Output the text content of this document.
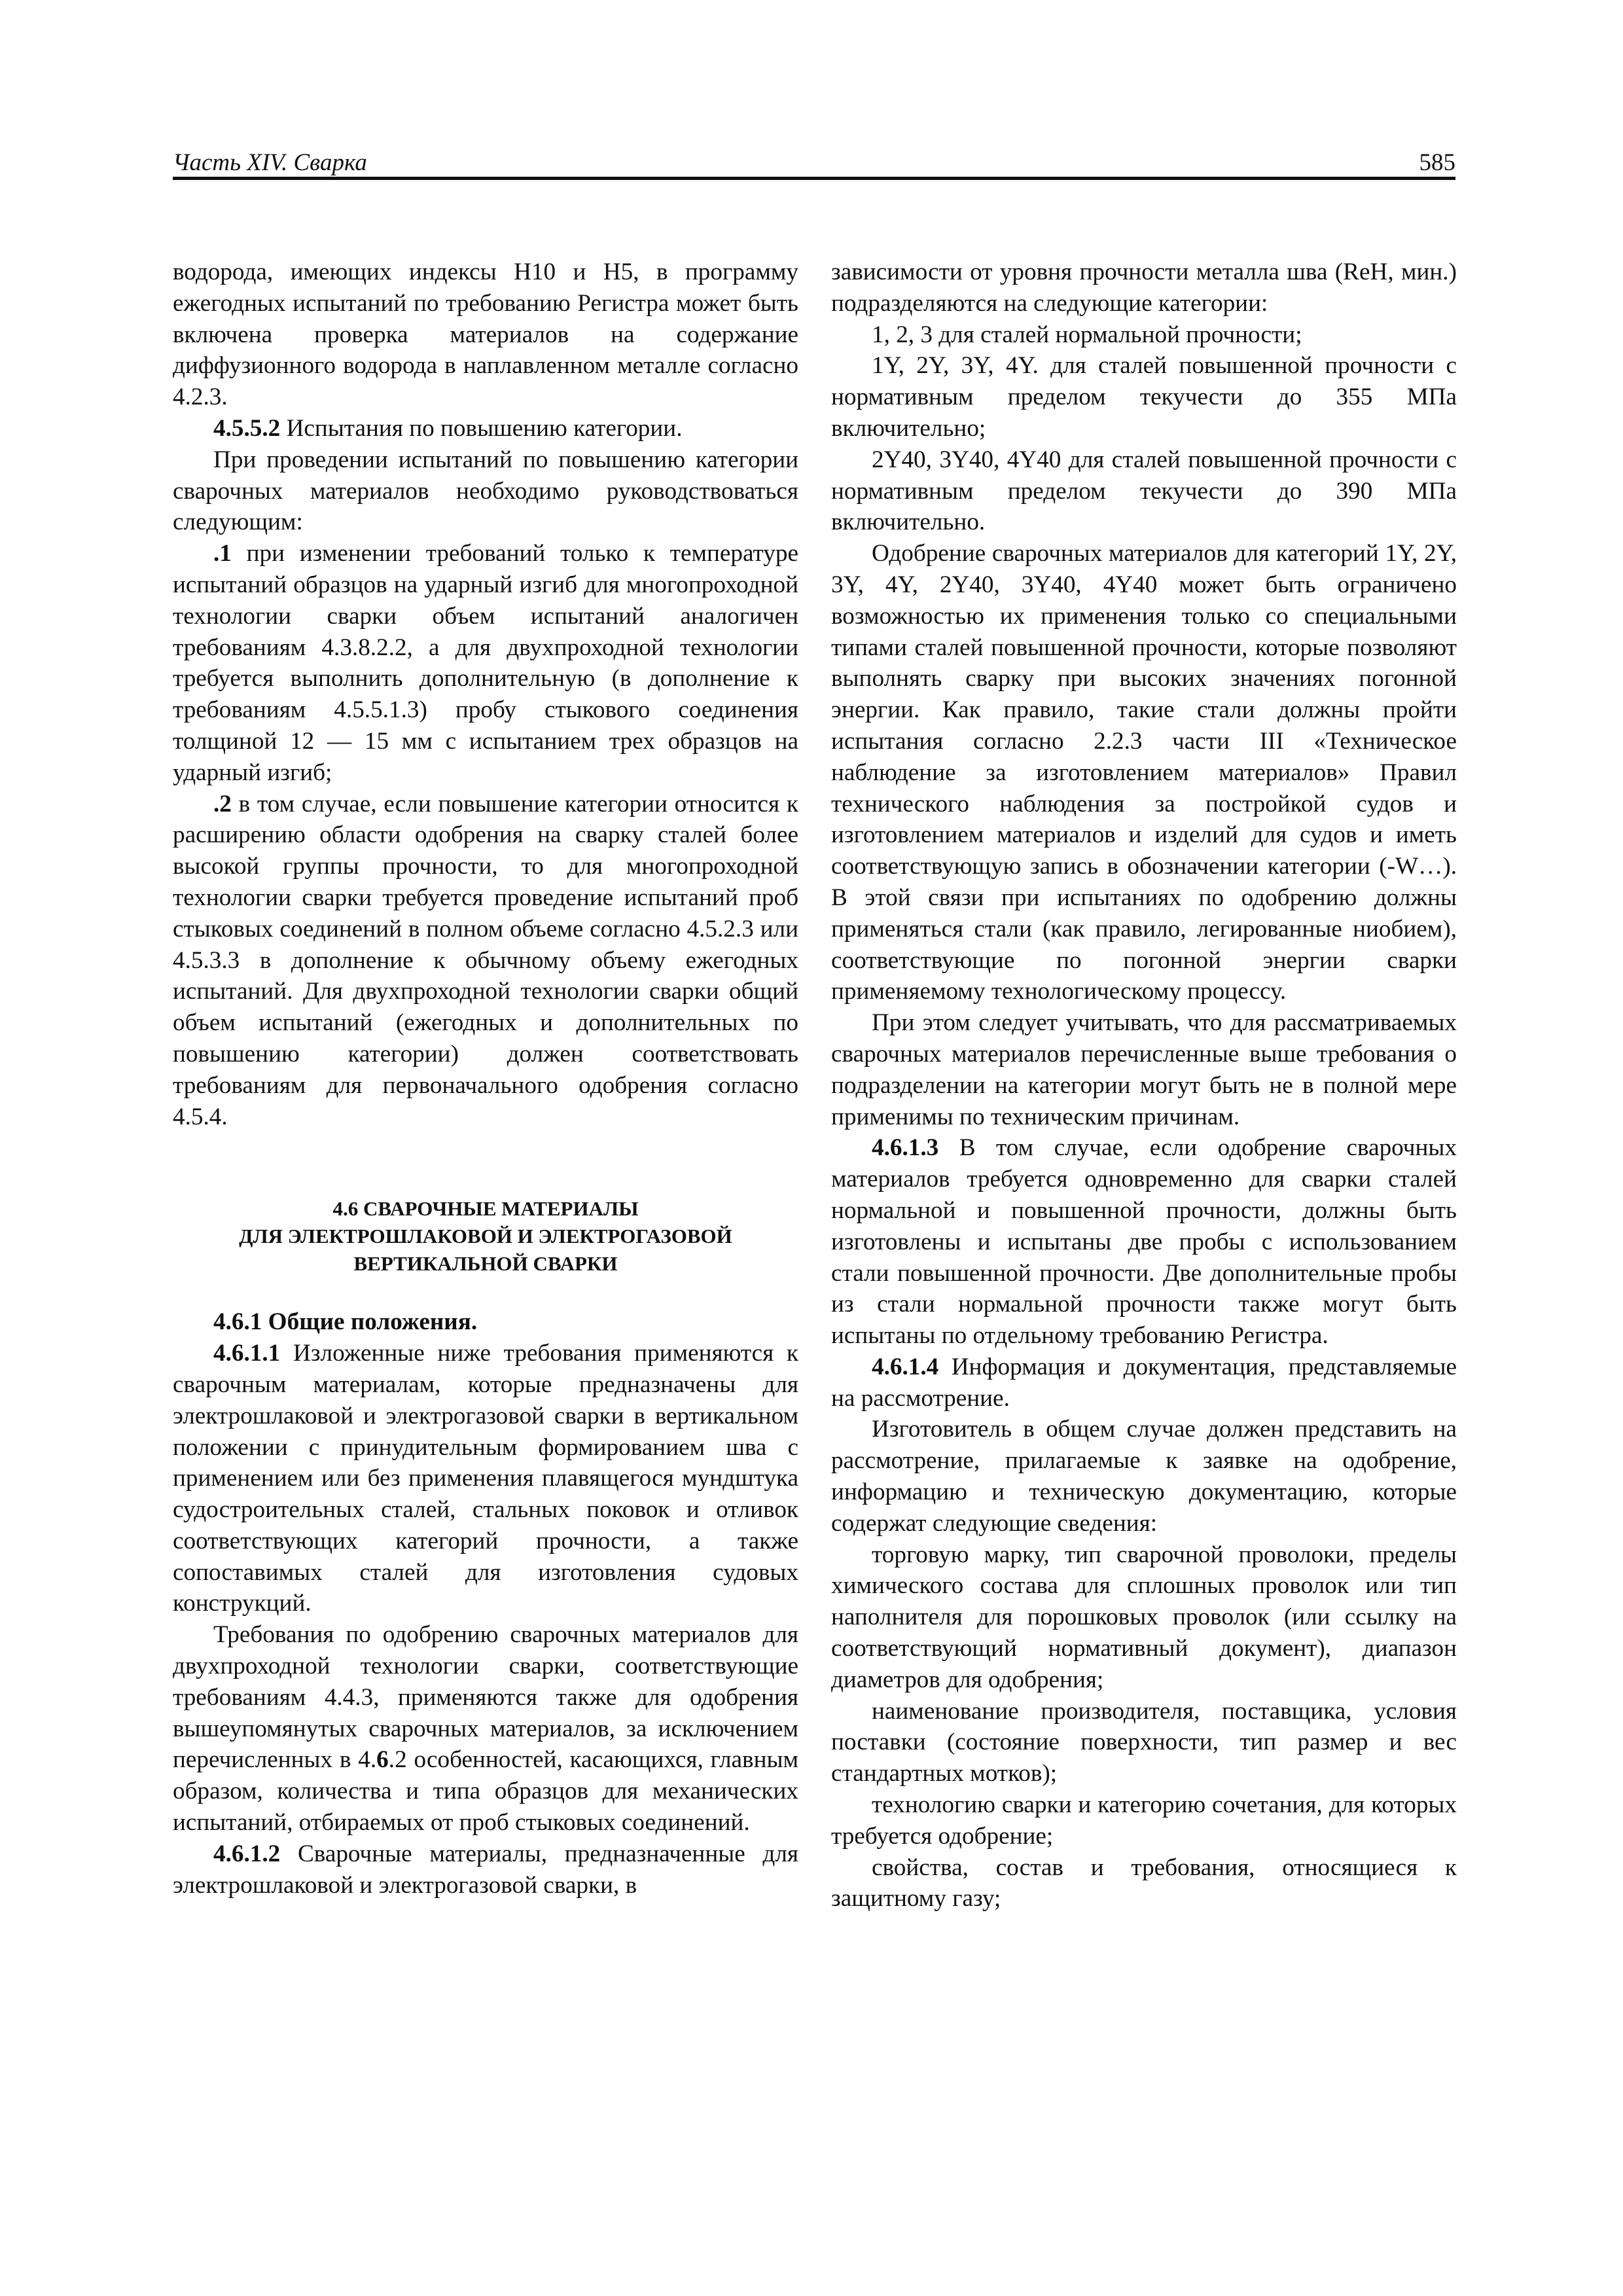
Часть XIV. Сварка	585

водорода, имеющих индексы Н10 и Н5, в программу ежегодных испытаний по требованию Регистра может быть включена проверка материалов на содержание диффузионного водорода в наплавленном металле согласно 4.2.3.

4.5.5.2 Испытания по повышению категории.

При проведении испытаний по повышению категории сварочных материалов необходимо руководствоваться следующим:

.1 при изменении требований только к температуре испытаний образцов на ударный изгиб для многопроходной технологии сварки объем испытаний аналогичен требованиям 4.3.8.2.2, а для двухпроходной технологии требуется выполнить дополнительную (в дополнение к требованиям 4.5.5.1.3) пробу стыкового соединения толщиной 12 — 15 мм с испытанием трех образцов на ударный изгиб;

.2 в том случае, если повышение категории относится к расширению области одобрения на сварку сталей более высокой группы прочности, то для многопроходной технологии сварки требуется проведение испытаний проб стыковых соединений в полном объеме согласно 4.5.2.3 или 4.5.3.3 в дополнение к обычному объему ежегодных испытаний. Для двухпроходной технологии сварки общий объем испытаний (ежегодных и дополнительных по повышению категории) должен соответствовать требованиям для первоначального одобрения согласно 4.5.4.

4.6 СВАРОЧНЫЕ МАТЕРИАЛЫ
ДЛЯ ЭЛЕКТРОШЛАКОВОЙ И ЭЛЕКТРОГАЗОВОЙ
ВЕРТИКАЛЬНОЙ СВАРКИ

4.6.1 Общие положения.

4.6.1.1 Изложенные ниже требования применяются к сварочным материалам, которые предназначены для электрошлаковой и электрогазовой сварки в вертикальном положении с принудительным формированием шва с применением или без применения плавящегося мундштука судостроительных сталей, стальных поковок и отливок соответствующих категорий прочности, а также сопоставимых сталей для изготовления судовых конструкций.

Требования по одобрению сварочных материалов для двухпроходной технологии сварки, соответствующие требованиям 4.4.3, применяются также для одобрения вышеупомянутых сварочных материалов, за исключением перечисленных в 4.6.2 особенностей, касающихся, главным образом, количества и типа образцов для механических испытаний, отбираемых от проб стыковых соединений.

4.6.1.2 Сварочные материалы, предназначенные для электрошлаковой и электрогазовой сварки, в

зависимости от уровня прочности металла шва (ReH, мин.) подразделяются на следующие категории:

1, 2, 3 для сталей нормальной прочности;

1Y, 2Y, 3Y, 4Y. для сталей повышенной прочности с нормативным пределом текучести до 355 МПа включительно;

2Y40, 3Y40, 4Y40 для сталей повышенной прочности с нормативным пределом текучести до 390 МПа включительно.

Одобрение сварочных материалов для категорий 1Y, 2Y, 3Y, 4Y, 2Y40, 3Y40, 4Y40 может быть ограничено возможностью их применения только со специальными типами сталей повышенной прочности, которые позволяют выполнять сварку при высоких значениях погонной энергии. Как правило, такие стали должны пройти испытания согласно 2.2.3 части III «Техническое наблюдение за изготовлением материалов» Правил технического наблюдения за постройкой судов и изготовлением материалов и изделий для судов и иметь соответствующую запись в обозначении категории (-W…). В этой связи при испытаниях по одобрению должны применяться стали (как правило, легированные ниобием), соответствующие по погонной энергии сварки применяемому технологическому процессу.

При этом следует учитывать, что для рассматриваемых сварочных материалов перечисленные выше требования о подразделении на категории могут быть не в полной мере применимы по техническим причинам.

4.6.1.3 В том случае, если одобрение сварочных материалов требуется одновременно для сварки сталей нормальной и повышенной прочности, должны быть изготовлены и испытаны две пробы с использованием стали повышенной прочности. Две дополнительные пробы из стали нормальной прочности также могут быть испытаны по отдельному требованию Регистра.

4.6.1.4 Информация и документация, представляемые на рассмотрение.

Изготовитель в общем случае должен представить на рассмотрение, прилагаемые к заявке на одобрение, информацию и техническую документацию, которые содержат следующие сведения:

торговую марку, тип сварочной проволоки, пределы химического состава для сплошных проволок или тип наполнителя для порошковых проволок (или ссылку на соответствующий нормативный документ), диапазон диаметров для одобрения;

наименование производителя, поставщика, условия поставки (состояние поверхности, тип размер и вес стандартных мотков);

технологию сварки и категорию сочетания, для которых требуется одобрение;

свойства, состав и требования, относящиеся к защитному газу;
